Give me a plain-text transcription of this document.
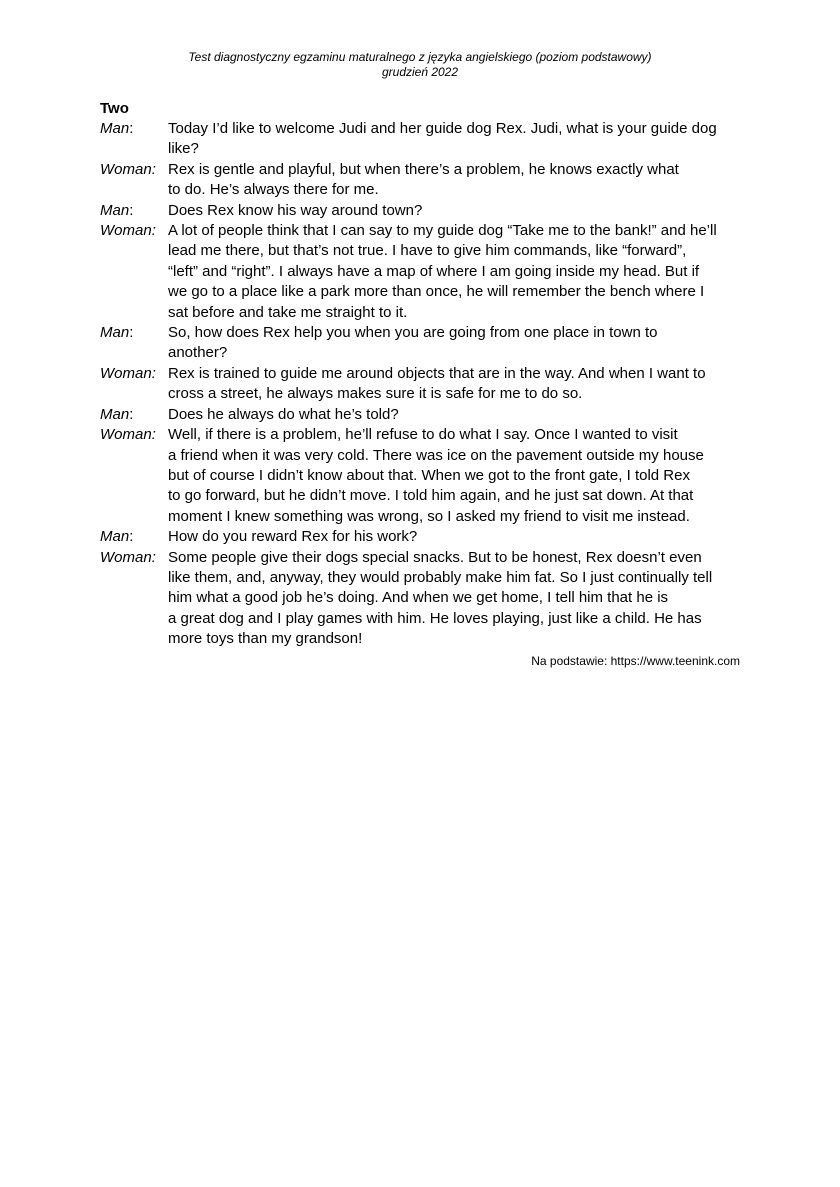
Test diagnostyczny egzaminu maturalnego z języka angielskiego (poziom podstawowy)
grudzień 2022
Two
Man:	Today I’d like to welcome Judi and her guide dog Rex. Judi, what is your guide dog
like?
Woman: Rex is gentle and playful, but when there’s a problem, he knows exactly what
to do. He’s always there for me.
Man:	Does Rex know his way around town?
Woman: A lot of people think that I can say to my guide dog “Take me to the bank!” and he’ll
lead me there, but that’s not true. I have to give him commands, like “forward”,
“left” and “right”. I always have a map of where I am going inside my head. But if
we go to a place like a park more than once, he will remember the bench where I
sat before and take me straight to it.
Man:	So, how does Rex help you when you are going from one place in town to
another?
Woman: Rex is trained to guide me around objects that are in the way. And when I want to
cross a street, he always makes sure it is safe for me to do so.
Man:	Does he always do what he’s told?
Woman: Well, if there is a problem, he’ll refuse to do what I say. Once I wanted to visit
a friend when it was very cold. There was ice on the pavement outside my house
but of course I didn’t know about that. When we got to the front gate, I told Rex
to go forward, but he didn’t move. I told him again, and he just sat down. At that
moment I knew something was wrong, so I asked my friend to visit me instead.
Man:	How do you reward Rex for his work?
Woman: Some people give their dogs special snacks. But to be honest, Rex doesn’t even
like them, and, anyway, they would probably make him fat. So I just continually tell
him what a good job he’s doing. And when we get home, I tell him that he is
a great dog and I play games with him. He loves playing, just like a child. He has
more toys than my grandson!
Na podstawie: https://www.teenink.com
